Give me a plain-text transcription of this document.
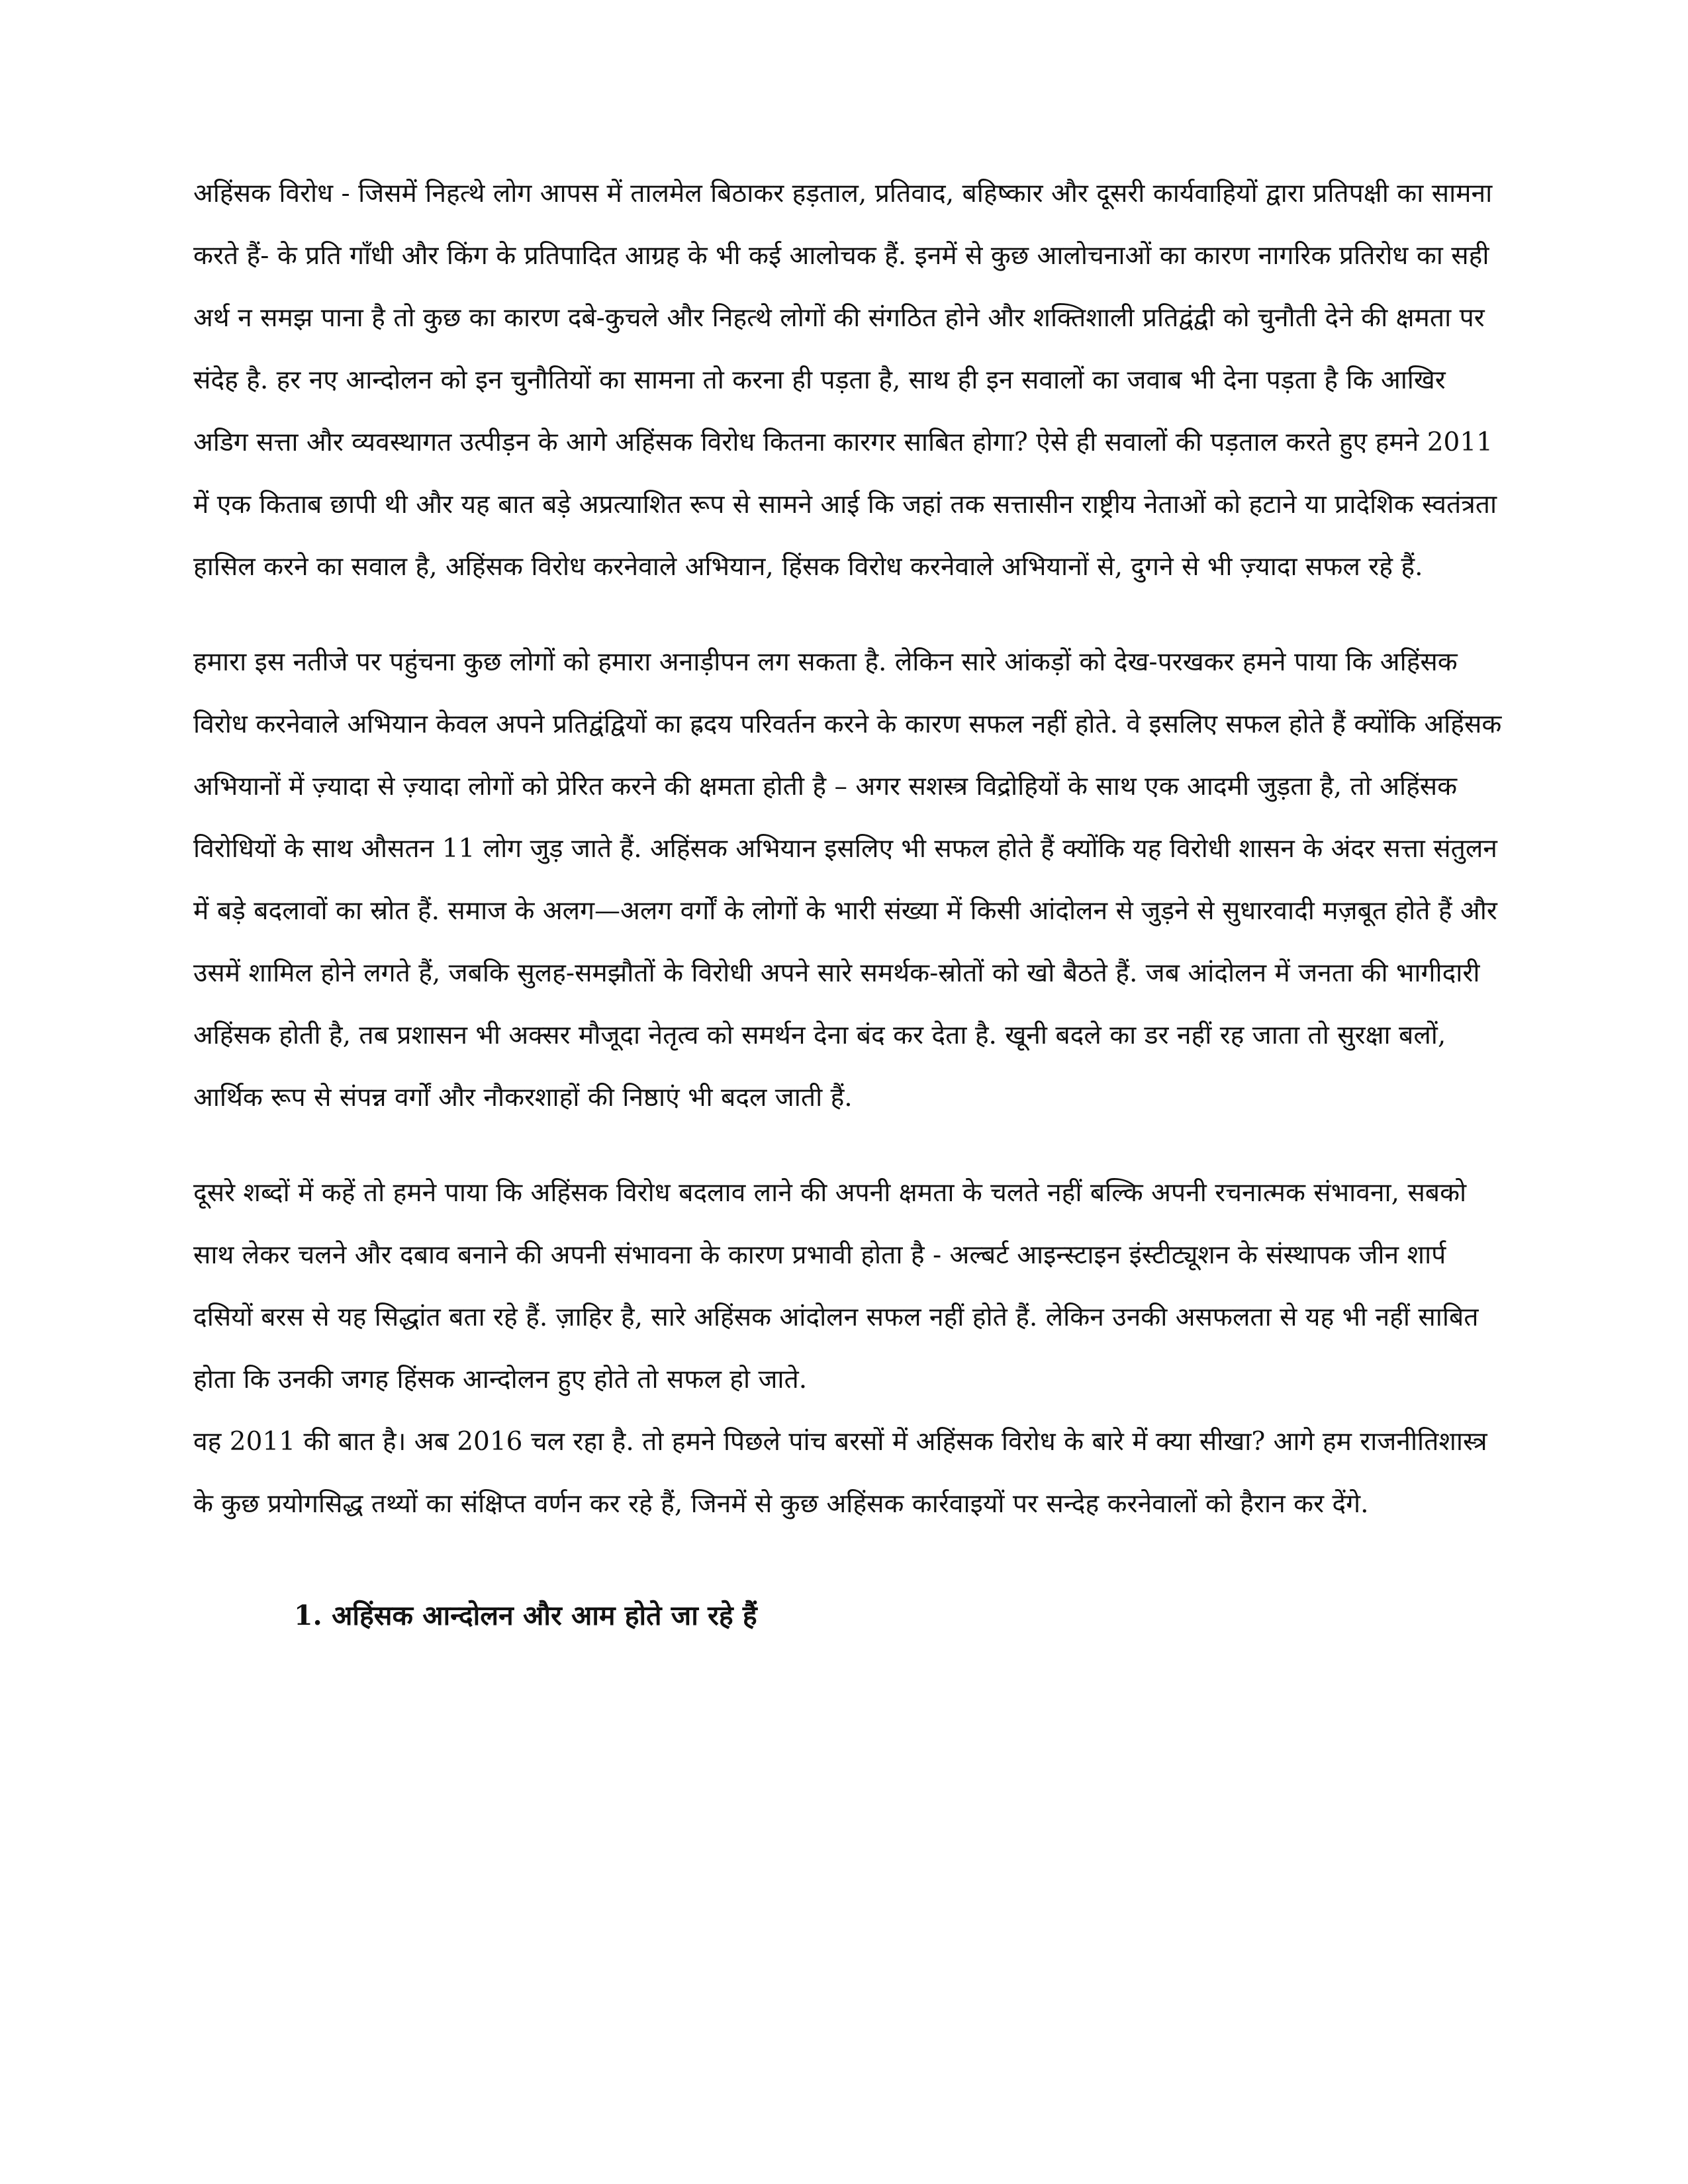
अहिंसक विरोध - जिसमें निहत्थे लोग आपस में तालमेल बिठाकर हड़ताल, प्रतिवाद, बहिष्कार और दूसरी कार्यवाहियों द्वारा प्रतिपक्षी का सामना करते हैं- के प्रति गाँधी और किंग के प्रतिपादित आग्रह के भी कई आलोचक हैं. इनमें से कुछ आलोचनाओं का कारण नागरिक प्रतिरोध का सही अर्थ न समझ पाना है तो कुछ का कारण दबे-कुचले और निहत्थे लोगों की संगठित होने और शक्तिशाली प्रतिद्वंद्वी को चुनौती देने की क्षमता पर संदेह है. हर नए आन्दोलन को इन चुनौतियों का सामना तो करना ही पड़ता है, साथ ही इन सवालों का जवाब भी देना पड़ता है कि आखिर अडिग सत्ता और व्यवस्थागत उत्पीड़न के आगे अहिंसक विरोध कितना कारगर साबित होगा? ऐसे ही सवालों की पड़ताल करते हुए हमने 2011 में एक किताब छापी थी और यह बात बड़े अप्रत्याशित रूप से सामने आई कि जहां तक सत्तासीन राष्ट्रीय नेताओं को हटाने या प्रादेशिक स्वतंत्रता हासिल करने का सवाल है, अहिंसक विरोध करनेवाले अभियान, हिंसक विरोध करनेवाले अभियानों से, दुगने से भी ज़्यादा सफल रहे हैं.

हमारा इस नतीजे पर पहुंचना कुछ लोगों को हमारा अनाड़ीपन लग सकता है. लेकिन सारे आंकड़ों को देख-परखकर हमने पाया कि अहिंसक विरोध करनेवाले अभियान केवल अपने प्रतिद्वंद्वियों का ह्रदय परिवर्तन करने के कारण सफल नहीं होते. वे इसलिए सफल होते हैं क्योंकि अहिंसक अभियानों में ज़्यादा से ज़्यादा लोगों को प्रेरित करने की क्षमता होती है – अगर सशस्त्र विद्रोहियों के साथ एक आदमी जुड़ता है, तो अहिंसक विरोधियों के साथ औसतन 11 लोग जुड़ जाते हैं. अहिंसक अभियान इसलिए भी सफल होते हैं क्योंकि यह विरोधी शासन के अंदर सत्ता संतुलन में बड़े बदलावों का स्रोत हैं. समाज के अलग—अलग वर्गों के लोगों के भारी संख्या में किसी आंदोलन से जुड़ने से सुधारवादी मज़बूत होते हैं और उसमें शामिल होने लगते हैं, जबकि सुलह-समझौतों के विरोधी अपने सारे समर्थक-स्रोतों को खो बैठते हैं. जब आंदोलन में जनता की भागीदारी अहिंसक होती है, तब प्रशासन भी अक्सर मौजूदा नेतृत्व को समर्थन देना बंद कर देता है. खूनी बदले का डर नहीं रह जाता तो सुरक्षा बलों, आर्थिक रूप से संपन्न वर्गों और नौकरशाहों की निष्ठाएं भी बदल जाती हैं.

दूसरे शब्दों में कहें तो हमने पाया कि अहिंसक विरोध बदलाव लाने की अपनी क्षमता के चलते नहीं बल्कि अपनी रचनात्मक संभावना, सबको साथ लेकर चलने और दबाव बनाने की अपनी संभावना के कारण प्रभावी होता है - अल्बर्ट आइन्स्टाइन इंस्टीट्यूशन के संस्थापक जीन शार्प दसियों बरस से यह सिद्धांत बता रहे हैं. ज़ाहिर है, सारे अहिंसक आंदोलन सफल नहीं होते हैं. लेकिन उनकी असफलता से यह भी नहीं साबित होता कि उनकी जगह हिंसक आन्दोलन हुए होते तो सफल हो जाते.

वह 2011 की बात है। अब 2016 चल रहा है. तो हमने पिछले पांच बरसों में अहिंसक विरोध के बारे में क्या सीखा? आगे हम राजनीतिशास्त्र के कुछ प्रयोगसिद्ध तथ्यों का संक्षिप्त वर्णन कर रहे हैं, जिनमें से कुछ अहिंसक कार्रवाइयों पर सन्देह करनेवालों को हैरान कर देंगे.

1. अहिंसक आन्दोलन और आम होते जा रहे हैं
